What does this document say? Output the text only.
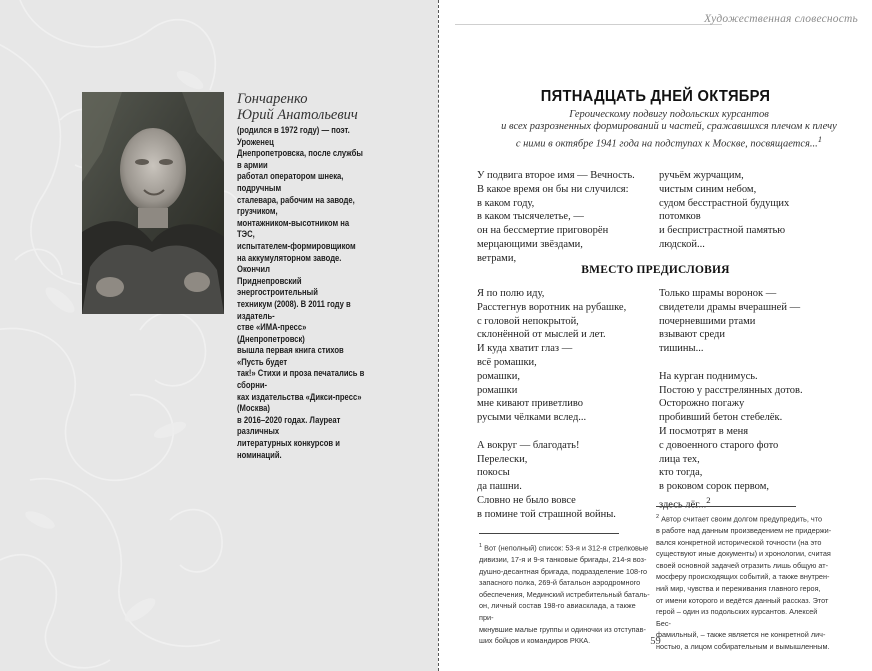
Гончаренко
Юрий Анатольевич
(родился в 1972 году) — поэт. Уроженец
Днепропетровска, после службы в армии
работал оператором шнека, подручным
сталевара, рабочим на заводе, грузчиком,
монтажником-высотником на ТЭС,
испытателем-формировщиком
на аккумуляторном заводе. Окончил
Приднепровский энергостроительный
техникум (2008). В 2011 году в издатель-
стве «ИМА-пресс» (Днепропетровск)
вышла первая книга стихов «Пусть будет
так!» Стихи и проза печатались в сборни-
ках издательства «Дикси-пресс» (Москва)
в 2016–2020 годах. Лауреат различных
литературных конкурсов и номинаций.
Художественная словесность
ПЯТНАДЦАТЬ ДНЕЙ ОКТЯБРЯ
Героическому подвигу подольских курсантов
и всех разрозненных формирований и частей, сражавшихся плечом к плечу
с ними в октябре 1941 года на подступах к Москве, посвящается...$^1$
У подвига второе имя — Вечность.
В какое время он бы ни случился:
в каком году,
в каком тысячелетье, —
он на бессмертие приговорён
мерцающими звёздами,
ветрами,
ручьём журчащим,
чистым синим небом,
судом бесстрастной будущих
потомков
и беспристрастной памятью
людской...
ВМЕСТО ПРЕДИСЛОВИЯ
Я по полю иду,
Расстегнув воротник на рубашке,
с головой непокрытой,
склонённой от мыслей и лет.
И куда хватит глаз —
всё ромашки,
ромашки,
ромашки
мне кивают приветливо
русыми чёлками вслед...
А вокруг — благодать!
Перелески,
покосы
да пашни.
Словно не было вовсе
в помине той страшной войны.
Только шрамы воронок —
свидетели драмы вчерашней —
почерневшими ртами
взывают среди
тишины...
На курган поднимусь.
Постою у расстрелянных дотов.
Осторожно погажу
пробивший бетон стебелёк.
И посмотрят в меня
с довоенного старого фото
лица тех,
кто тогда,
в роковом сорок первом,
здесь лёг...$^2$
$^1$ Вот (неполный) список: 53-я и 312-я стрелковые
дивизии, 17-я и 9-я танковые бригады, 214-я воз-
душно-десантная бригада, подразделение 108-го
запасного полка, 269-й батальон аэродромного
обеспечения, Мединский истребительный баталь-
он, личный состав 198-го авиасклада, а также при-
мкнувшие малые группы и одиночки из отступав-
ших бойцов и командиров РККА.
$^2$ Автор считает своим долгом предупредить, что
в работе над данным произведением не придержи-
вался конкретной исторической точности (на это
существуют иные документы) и хронологии, считая
своей основной задачей отразить лишь общую ат-
мосферу происходящих событий, а также внутрен-
ний мир, чувства и переживания главного героя,
от имени которого и ведётся данный рассказ. Этот
герой – один из подольских курсантов. Алексей Бес-
фамильный, – также является не конкретной лич-
ностью, а лицом собирательным и вымышленным.
59
